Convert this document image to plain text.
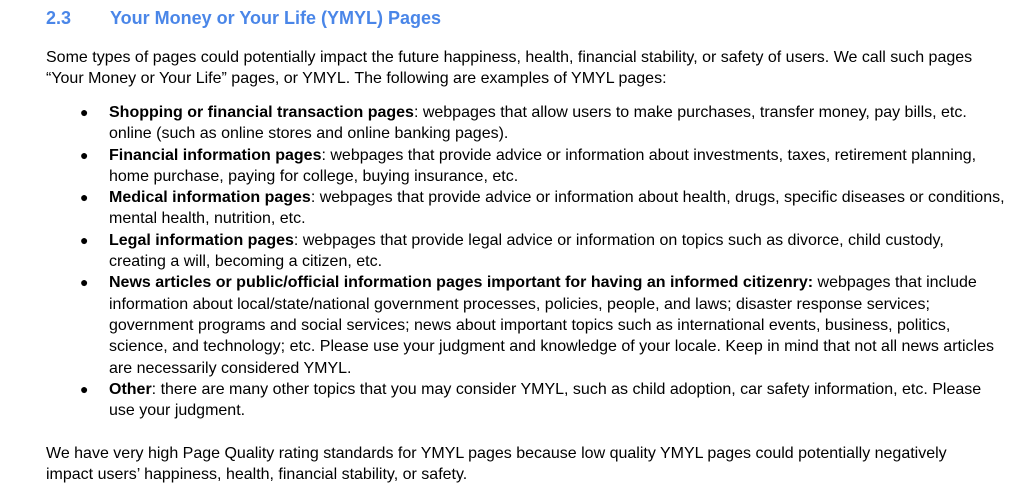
2.3 Your Money or Your Life (YMYL) Pages

Some types of pages could potentially impact the future happiness, health, financial stability, or safety of users. We call such pages “Your Money or Your Life” pages, or YMYL. The following are examples of YMYL pages:

● Shopping or financial transaction pages: webpages that allow users to make purchases, transfer money, pay bills, etc. online (such as online stores and online banking pages).
● Financial information pages: webpages that provide advice or information about investments, taxes, retirement planning, home purchase, paying for college, buying insurance, etc.
● Medical information pages: webpages that provide advice or information about health, drugs, specific diseases or conditions, mental health, nutrition, etc.
● Legal information pages: webpages that provide legal advice or information on topics such as divorce, child custody, creating a will, becoming a citizen, etc.
● News articles or public/official information pages important for having an informed citizenry: webpages that include information about local/state/national government processes, policies, people, and laws; disaster response services; government programs and social services; news about important topics such as international events, business, politics, science, and technology; etc. Please use your judgment and knowledge of your locale. Keep in mind that not all news articles are necessarily considered YMYL.
● Other: there are many other topics that you may consider YMYL, such as child adoption, car safety information, etc. Please use your judgment.

We have very high Page Quality rating standards for YMYL pages because low quality YMYL pages could potentially negatively impact users’ happiness, health, financial stability, or safety.
